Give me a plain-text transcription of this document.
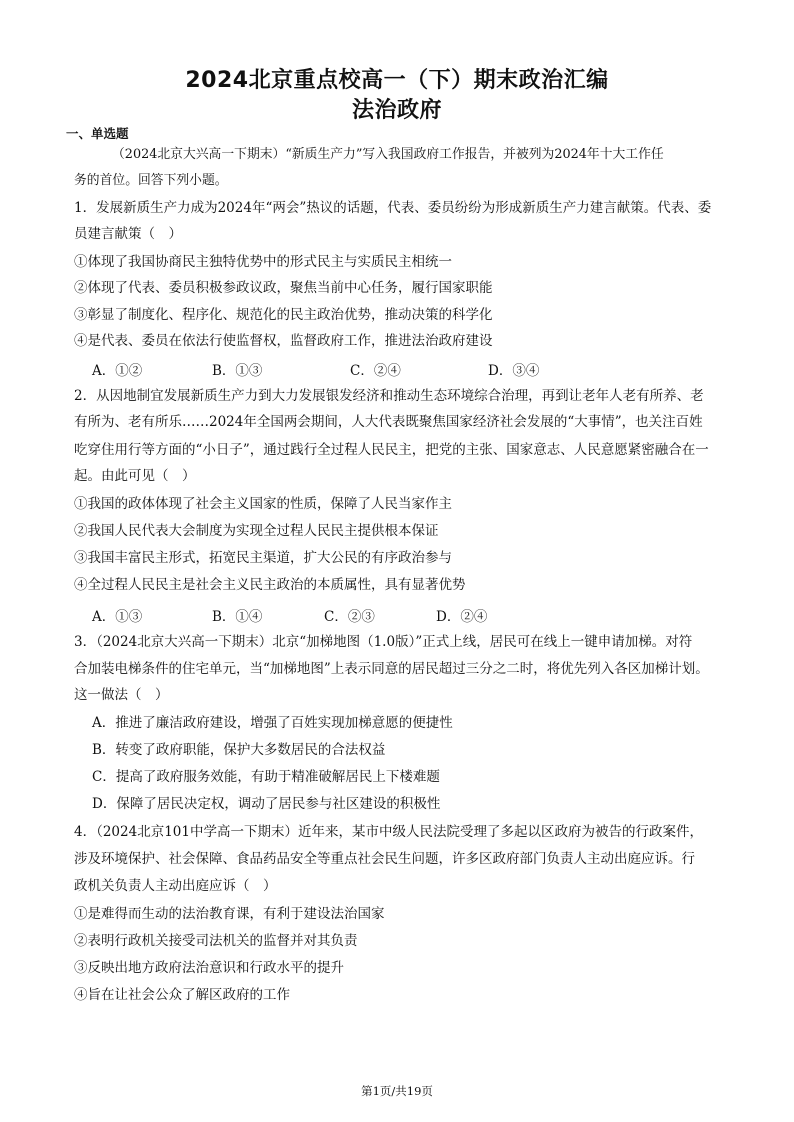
2024北京重点校高一（下）期末政治汇编
法治政府
一、单选题
（2024北京大兴高一下期末）“新质生产力”写入我国政府工作报告，并被列为2024年十大工作任
务的首位。回答下列小题。
1．发展新质生产力成为2024年“两会”热议的话题，代表、委员纷纷为形成新质生产力建言献策。代表、委
员建言献策（　）
①体现了我国协商民主独特优势中的形式民主与实质民主相统一
②体现了代表、委员积极参政议政，聚焦当前中心任务，履行国家职能
③彰显了制度化、程序化、规范化的民主政治优势，推动决策的科学化
④是代表、委员在依法行使监督权，监督政府工作，推进法治政府建设
A．①②	B．①③	C．②④	D．③④
2．从因地制宜发展新质生产力到大力发展银发经济和推动生态环境综合治理，再到让老年人老有所养、老
有所为、老有所乐……2024年全国两会期间，人大代表既聚焦国家经济社会发展的“大事情”，也关注百姓
吃穿住用行等方面的“小日子”，通过践行全过程人民民主，把党的主张、国家意志、人民意愿紧密融合在一
起。由此可见（　）
①我国的政体体现了社会主义国家的性质，保障了人民当家作主
②我国人民代表大会制度为实现全过程人民民主提供根本保证
③我国丰富民主形式，拓宽民主渠道，扩大公民的有序政治参与
④全过程人民民主是社会主义民主政治的本质属性，具有显著优势
A．①③	B．①④	C．②③	D．②④
3．（2024北京大兴高一下期末）北京“加梯地图（1.0版）”正式上线，居民可在线上一键申请加梯。对符
合加装电梯条件的住宅单元，当“加梯地图”上表示同意的居民超过三分之二时，将优先列入各区加梯计划。
这一做法（　）
A．推进了廉洁政府建设，增强了百姓实现加梯意愿的便捷性
B．转变了政府职能，保护大多数居民的合法权益
C．提高了政府服务效能，有助于精准破解居民上下楼难题
D．保障了居民决定权，调动了居民参与社区建设的积极性
4．（2024北京101中学高一下期末）近年来，某市中级人民法院受理了多起以区政府为被告的行政案件，
涉及环境保护、社会保障、食品药品安全等重点社会民生问题，许多区政府部门负责人主动出庭应诉。行
政机关负责人主动出庭应诉（　）
①是难得而生动的法治教育课，有利于建设法治国家
②表明行政机关接受司法机关的监督并对其负责
③反映出地方政府法治意识和行政水平的提升
④旨在让社会公众了解区政府的工作
第1页/共19页
